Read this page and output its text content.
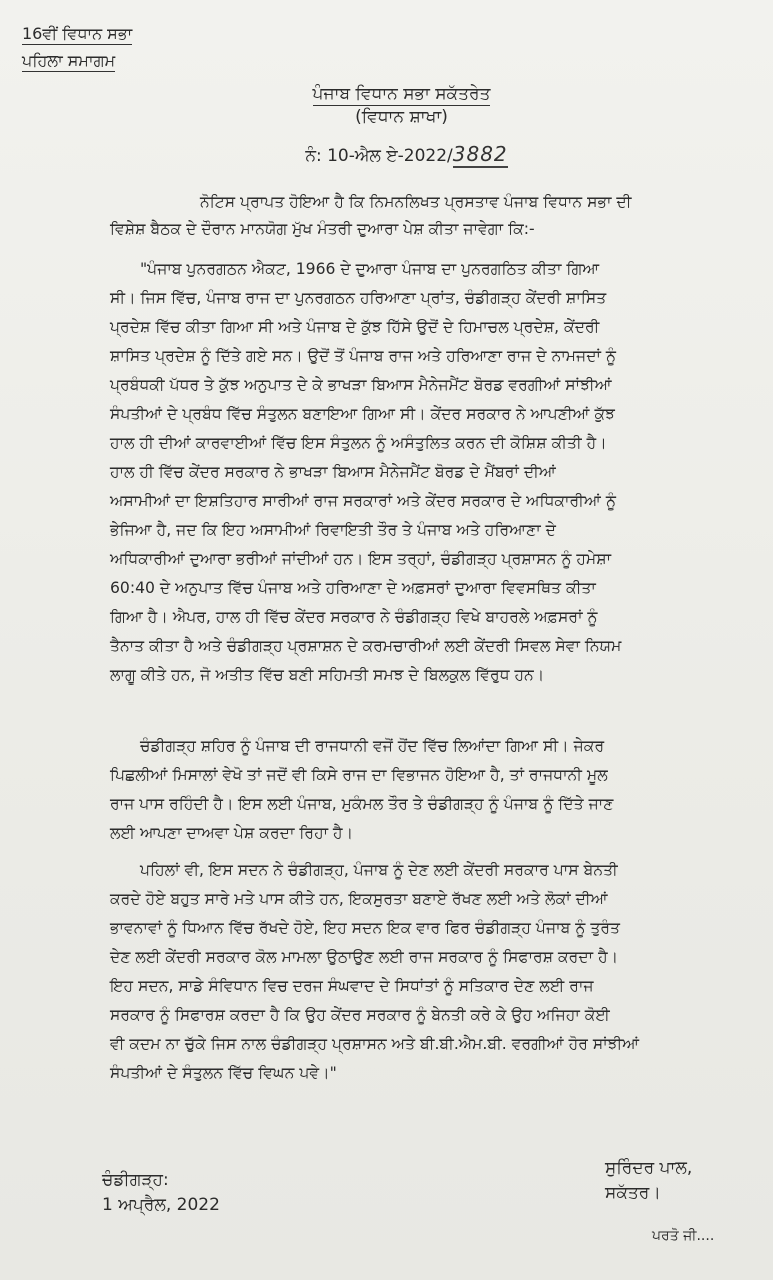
16ਵੀਂ ਵਿਧਾਨ ਸਭਾ
ਪਹਿਲਾ ਸਮਾਗਮ
ਪੰਜਾਬ ਵਿਧਾਨ ਸਭਾ ਸਕੱਤਰੇਤ
(ਵਿਧਾਨ ਸ਼ਾਖਾ)
ਨੰ: 10-ਐਲ ਏ-2022/3882
ਨੋਟਿਸ ਪ੍ਰਾਪਤ ਹੋਇਆ ਹੈ ਕਿ ਨਿਮਨਲਿਖਤ ਪ੍ਰਸਤਾਵ ਪੰਜਾਬ ਵਿਧਾਨ ਸਭਾ ਦੀ
ਵਿਸ਼ੇਸ਼ ਬੈਠਕ ਦੇ ਦੌਰਾਨ ਮਾਨਯੋਗ ਮੁੱਖ ਮੰਤਰੀ ਦੁਆਰਾ ਪੇਸ਼ ਕੀਤਾ ਜਾਵੇਗਾ ਕਿ:-
"ਪੰਜਾਬ ਪੁਨਰਗਠਨ ਐਕਟ, 1966 ਦੇ ਦੁਆਰਾ ਪੰਜਾਬ ਦਾ ਪੁਨਰਗਠਿਤ ਕੀਤਾ ਗਿਆ
ਸੀ। ਜਿਸ ਵਿੱਚ, ਪੰਜਾਬ ਰਾਜ ਦਾ ਪੁਨਰਗਠਨ ਹਰਿਆਣਾ ਪ੍ਰਾਂਤ, ਚੰਡੀਗੜ੍ਹ ਕੇਂਦਰੀ ਸ਼ਾਸਿਤ
ਪ੍ਰਦੇਸ਼ ਵਿੱਚ ਕੀਤਾ ਗਿਆ ਸੀ ਅਤੇ ਪੰਜਾਬ ਦੇ ਕੁੱਝ ਹਿੱਸੇ ਉਦੋਂ ਦੇ ਹਿਮਾਚਲ ਪ੍ਰਦੇਸ਼, ਕੇਂਦਰੀ
ਸ਼ਾਸਿਤ ਪ੍ਰਦੇਸ਼ ਨੂੰ ਦਿੱਤੇ ਗਏ ਸਨ। ਉਦੋਂ ਤੋਂ ਪੰਜਾਬ ਰਾਜ ਅਤੇ ਹਰਿਆਣਾ ਰਾਜ ਦੇ ਨਾਮਜਦਾਂ ਨੂੰ
ਪ੍ਰਬੰਧਕੀ ਪੱਧਰ ਤੇ ਕੁੱਝ ਅਨੁਪਾਤ ਦੇ ਕੇ ਭਾਖੜਾ ਬਿਆਸ ਮੈਨੇਜਮੈਂਟ ਬੋਰਡ ਵਰਗੀਆਂ ਸਾਂਝੀਆਂ
ਸੰਪਤੀਆਂ ਦੇ ਪ੍ਰਬੰਧ ਵਿੱਚ ਸੰਤੁਲਨ ਬਣਾਇਆ ਗਿਆ ਸੀ। ਕੇਂਦਰ ਸਰਕਾਰ ਨੇ ਆਪਣੀਆਂ ਕੁੱਝ
ਹਾਲ ਹੀ ਦੀਆਂ ਕਾਰਵਾਈਆਂ ਵਿੱਚ ਇਸ ਸੰਤੁਲਨ ਨੂੰ ਅਸੰਤੁਲਿਤ ਕਰਨ ਦੀ ਕੋਸ਼ਿਸ਼ ਕੀਤੀ ਹੈ।
ਹਾਲ ਹੀ ਵਿੱਚ ਕੇਂਦਰ ਸਰਕਾਰ ਨੇ ਭਾਖੜਾ ਬਿਆਸ ਮੈਨੇਜਮੈਂਟ ਬੋਰਡ ਦੇ ਮੈਂਬਰਾਂ ਦੀਆਂ
ਅਸਾਮੀਆਂ ਦਾ ਇਸ਼ਤਿਹਾਰ ਸਾਰੀਆਂ ਰਾਜ ਸਰਕਾਰਾਂ ਅਤੇ ਕੇਂਦਰ ਸਰਕਾਰ ਦੇ ਅਧਿਕਾਰੀਆਂ ਨੂੰ
ਭੇਜਿਆ ਹੈ, ਜਦ ਕਿ ਇਹ ਅਸਾਮੀਆਂ ਰਿਵਾਇਤੀ ਤੌਰ ਤੇ ਪੰਜਾਬ ਅਤੇ ਹਰਿਆਣਾ ਦੇ
ਅਧਿਕਾਰੀਆਂ ਦੁਆਰਾ ਭਰੀਆਂ ਜਾਂਦੀਆਂ ਹਨ। ਇਸ ਤਰ੍ਹਾਂ, ਚੰਡੀਗੜ੍ਹ ਪ੍ਰਸ਼ਾਸਨ ਨੂੰ ਹਮੇਸ਼ਾ
60:40 ਦੇ ਅਨੁਪਾਤ ਵਿੱਚ ਪੰਜਾਬ ਅਤੇ ਹਰਿਆਣਾ ਦੇ ਅਫ਼ਸਰਾਂ ਦੁਆਰਾ ਵਿਵਸਥਿਤ ਕੀਤਾ
ਗਿਆ ਹੈ। ਐਪਰ, ਹਾਲ ਹੀ ਵਿੱਚ ਕੇਂਦਰ ਸਰਕਾਰ ਨੇ ਚੰਡੀਗੜ੍ਹ ਵਿਖੇ ਬਾਹਰਲੇ ਅਫ਼ਸਰਾਂ ਨੂੰ
ਤੈਨਾਤ ਕੀਤਾ ਹੈ ਅਤੇ ਚੰਡੀਗੜ੍ਹ ਪ੍ਰਸ਼ਾਸ਼ਨ ਦੇ ਕਰਮਚਾਰੀਆਂ ਲਈ ਕੇਂਦਰੀ ਸਿਵਲ ਸੇਵਾ ਨਿਯਮ
ਲਾਗੂ ਕੀਤੇ ਹਨ, ਜੋ ਅਤੀਤ ਵਿੱਚ ਬਣੀ ਸਹਿਮਤੀ ਸਮਝ ਦੇ ਬਿਲਕੁਲ ਵਿੱਰੁਧ ਹਨ।
ਚੰਡੀਗੜ੍ਹ ਸ਼ਹਿਰ ਨੂੰ ਪੰਜਾਬ ਦੀ ਰਾਜਧਾਨੀ ਵਜੋਂ ਹੋਂਦ ਵਿੱਚ ਲਿਆਂਦਾ ਗਿਆ ਸੀ। ਜੇਕਰ
ਪਿਛਲੀਆਂ ਮਿਸਾਲਾਂ ਵੇਖੋ ਤਾਂ ਜਦੋਂ ਵੀ ਕਿਸੇ ਰਾਜ ਦਾ ਵਿਭਾਜਨ ਹੋਇਆ ਹੈ, ਤਾਂ ਰਾਜਧਾਨੀ ਮੂਲ
ਰਾਜ ਪਾਸ ਰਹਿੰਦੀ ਹੈ। ਇਸ ਲਈ ਪੰਜਾਬ, ਮੁਕੰਮਲ ਤੌਰ ਤੇ ਚੰਡੀਗੜ੍ਹ ਨੂੰ ਪੰਜਾਬ ਨੂੰ ਦਿੱਤੇ ਜਾਣ
ਲਈ ਆਪਣਾ ਦਾਅਵਾ ਪੇਸ਼ ਕਰਦਾ ਰਿਹਾ ਹੈ।
ਪਹਿਲਾਂ ਵੀ, ਇਸ ਸਦਨ ਨੇ ਚੰਡੀਗੜ੍ਹ, ਪੰਜਾਬ ਨੂੰ ਦੇਣ ਲਈ ਕੇਂਦਰੀ ਸਰਕਾਰ ਪਾਸ ਬੇਨਤੀ
ਕਰਦੇ ਹੋਏ ਬਹੁਤ ਸਾਰੇ ਮਤੇ ਪਾਸ ਕੀਤੇ ਹਨ, ਇਕਸੁਰਤਾ ਬਣਾਏ ਰੱਖਣ ਲਈ ਅਤੇ ਲੋਕਾਂ ਦੀਆਂ
ਭਾਵਨਾਵਾਂ ਨੂੰ ਧਿਆਨ ਵਿੱਚ ਰੱਖਦੇ ਹੋਏ, ਇਹ ਸਦਨ ਇਕ ਵਾਰ ਫਿਰ ਚੰਡੀਗੜ੍ਹ ਪੰਜਾਬ ਨੂੰ ਤੁਰੰਤ
ਦੇਣ ਲਈ ਕੇਂਦਰੀ ਸਰਕਾਰ ਕੋਲ ਮਾਮਲਾ ਉਠਾਉਣ ਲਈ ਰਾਜ ਸਰਕਾਰ ਨੂੰ ਸਿਫਾਰਸ਼ ਕਰਦਾ ਹੈ।
ਇਹ ਸਦਨ, ਸਾਡੇ ਸੰਵਿਧਾਨ ਵਿਚ ਦਰਜ ਸੰਘਵਾਦ ਦੇ ਸਿਧਾਂਤਾਂ ਨੂੰ ਸਤਿਕਾਰ ਦੇਣ ਲਈ ਰਾਜ
ਸਰਕਾਰ ਨੂੰ ਸਿਫਾਰਸ਼ ਕਰਦਾ ਹੈ ਕਿ ਉਹ ਕੇਂਦਰ ਸਰਕਾਰ ਨੂੰ ਬੇਨਤੀ ਕਰੇ ਕੇ ਉਹ ਅਜਿਹਾ ਕੋਈ
ਵੀ ਕਦਮ ਨਾ ਚੁੱਕੇ ਜਿਸ ਨਾਲ ਚੰਡੀਗੜ੍ਹ ਪ੍ਰਸ਼ਾਸਨ ਅਤੇ ਬੀ.ਬੀ.ਐਮ.ਬੀ. ਵਰਗੀਆਂ ਹੋਰ ਸਾਂਝੀਆਂ
ਸੰਪਤੀਆਂ ਦੇ ਸੰਤੁਲਨ ਵਿੱਚ ਵਿਘਨ ਪਵੇ।"
ਚੰਡੀਗੜ੍ਹ:
1 ਅਪ੍ਰੈਲ, 2022
ਸੁਰਿੰਦਰ ਪਾਲ,
ਸਕੱਤਰ।
ਪਰਤੋ ਜੀ....
